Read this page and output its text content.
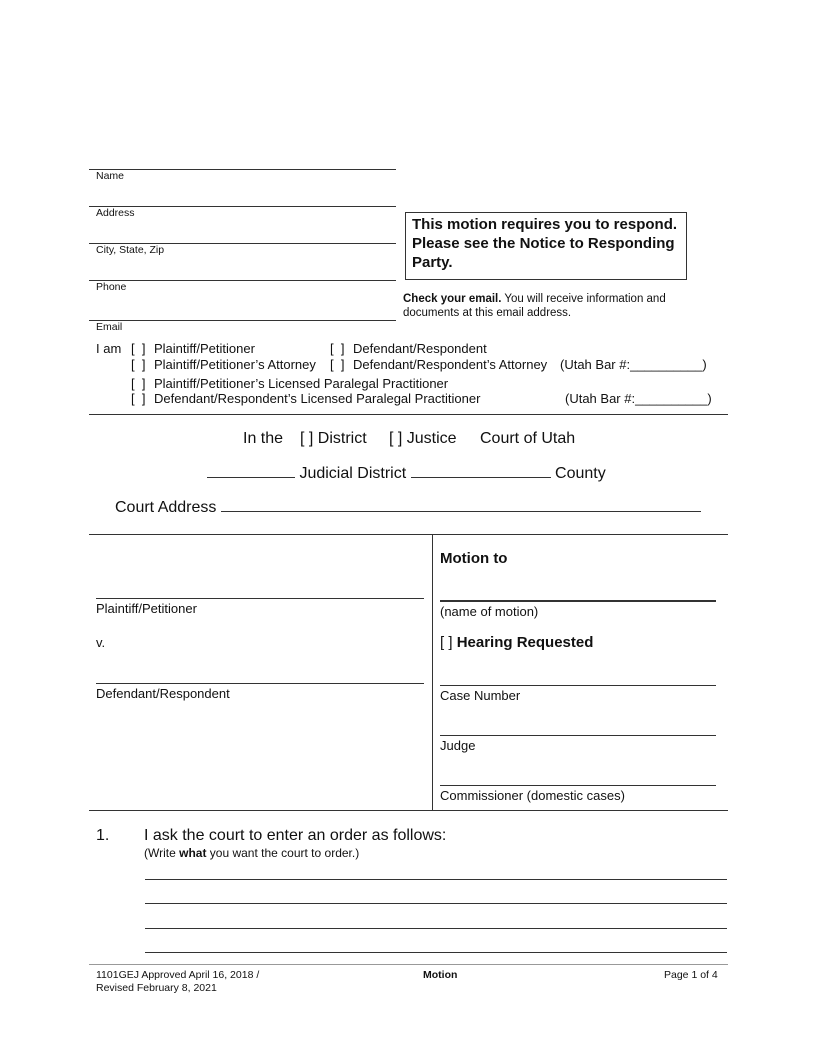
Name
Address
City, State, Zip
Phone
Email
This motion requires you to respond. Please see the Notice to Responding Party.
Check your email. You will receive information and documents at this email address.
I am [  ] Plaintiff/Petitioner	[  ] Defendant/Respondent
[  ] Plaintiff/Petitioner’s Attorney [  ] Defendant/Respondent’s Attorney (Utah Bar #:__________)
[  ] Plaintiff/Petitioner’s Licensed Paralegal Practitioner
[  ] Defendant/Respondent’s Licensed Paralegal Practitioner	(Utah Bar #:__________)
In the [ ] District [ ] Justice Court of Utah
Judicial District	County
Court Address
Plaintiff/Petitioner
v.
Defendant/Respondent
Motion to
(name of motion)
[ ] Hearing Requested
Case Number
Judge
Commissioner (domestic cases)
1. I ask the court to enter an order as follows:
(Write what you want the court to order.)
1101GEJ Approved April 16, 2018 /
Revised February 8, 2021
Motion	Page 1 of 4
